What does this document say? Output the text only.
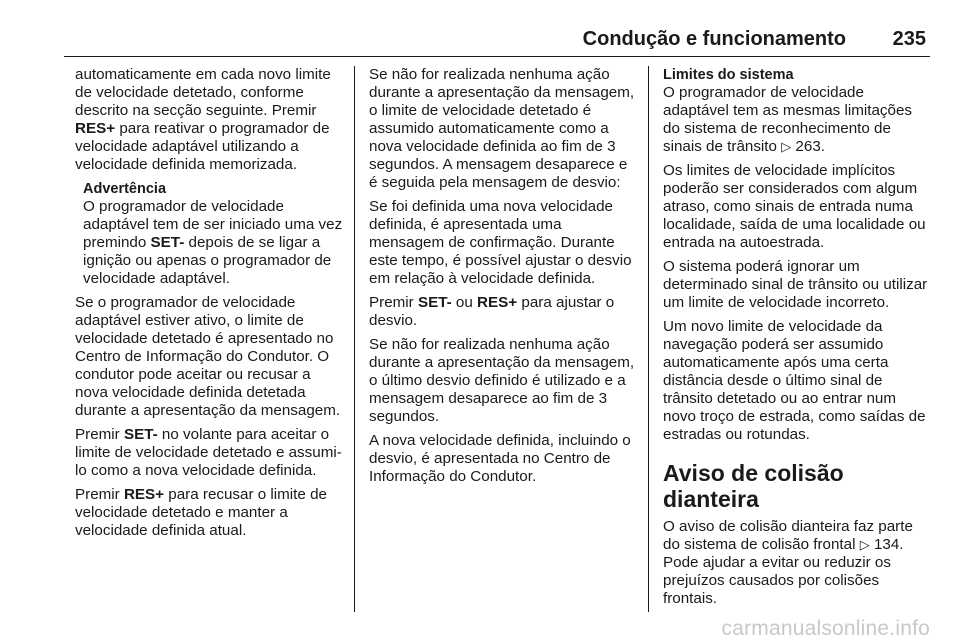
Condução e funcionamento 235

automaticamente em cada novo limite de velocidade detetado, conforme descrito na secção seguinte. Premir RES+ para reativar o programador de velocidade adaptável utilizando a velocidade definida memorizada.

Advertência
O programador de velocidade adaptável tem de ser iniciado uma vez premindo SET- depois de se ligar a ignição ou apenas o programador de velocidade adaptável.

Se o programador de velocidade adaptável estiver ativo, o limite de velocidade detetado é apresentado no Centro de Informação do Condutor. O condutor pode aceitar ou recusar a nova velocidade definida detetada durante a apresentação da mensagem.

Premir SET- no volante para aceitar o limite de velocidade detetado e assumi-lo como a nova velocidade definida.

Premir RES+ para recusar o limite de velocidade detetado e manter a velocidade definida atual.

Se não for realizada nenhuma ação durante a apresentação da mensagem, o limite de velocidade detetado é assumido automaticamente como a nova velocidade definida ao fim de 3 segundos. A mensagem desaparece e é seguida pela mensagem de desvio:

Se foi definida uma nova velocidade definida, é apresentada uma mensagem de confirmação. Durante este tempo, é possível ajustar o desvio em relação à velocidade definida.

Premir SET- ou RES+ para ajustar o desvio.

Se não for realizada nenhuma ação durante a apresentação da mensagem, o último desvio definido é utilizado e a mensagem desaparece ao fim de 3 segundos.

A nova velocidade definida, incluindo o desvio, é apresentada no Centro de Informação do Condutor.

Limites do sistema

O programador de velocidade adaptável tem as mesmas limitações do sistema de reconhecimento de sinais de trânsito ▷ 263.

Os limites de velocidade implícitos poderão ser considerados com algum atraso, como sinais de entrada numa localidade, saída de uma localidade ou entrada na autoestrada.

O sistema poderá ignorar um determinado sinal de trânsito ou utilizar um limite de velocidade incorreto.

Um novo limite de velocidade da navegação poderá ser assumido automaticamente após uma certa distância desde o último sinal de trânsito detetado ou ao entrar num novo troço de estrada, como saídas de estradas ou rotundas.

Aviso de colisão dianteira

O aviso de colisão dianteira faz parte do sistema de colisão frontal ▷ 134. Pode ajudar a evitar ou reduzir os prejuízos causados por colisões frontais.

carmanualsonline.info
